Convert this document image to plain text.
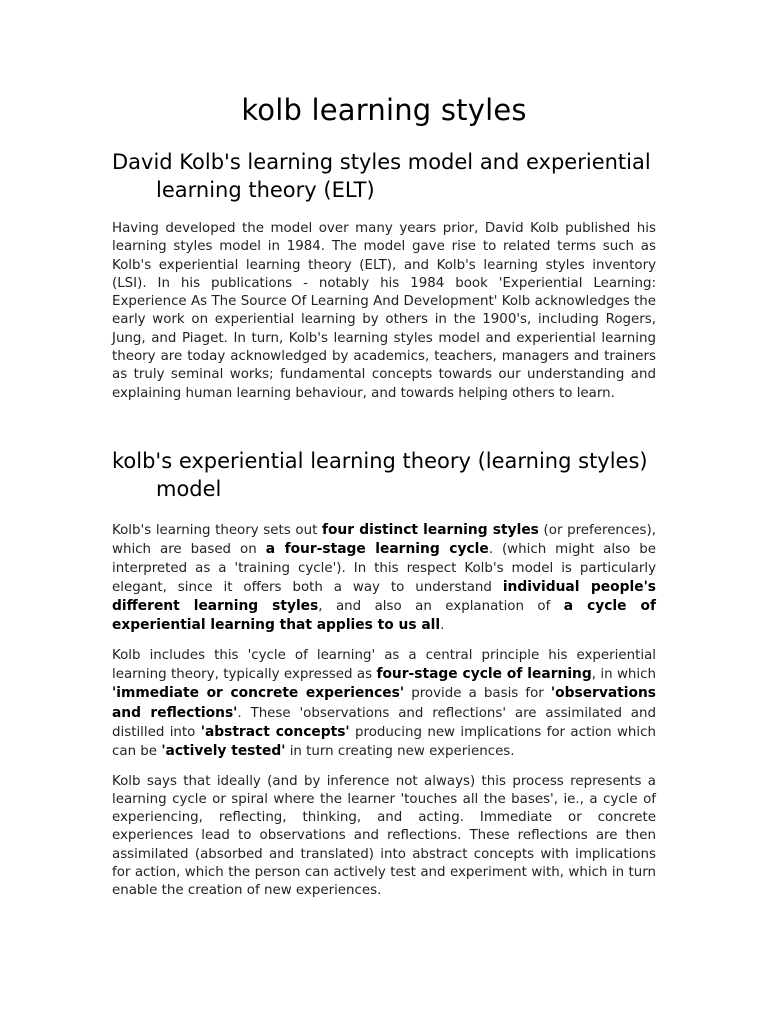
kolb learning styles
David Kolb's learning styles model and experiential learning theory (ELT)

Having developed the model over many years prior, David Kolb published his learning styles model in 1984. The model gave rise to related terms such as Kolb's experiential learning theory (ELT), and Kolb's learning styles inventory (LSI). In his publications - notably his 1984 book 'Experiential Learning: Experience As The Source Of Learning And Development' Kolb acknowledges the early work on experiential learning by others in the 1900's, including Rogers, Jung, and Piaget. In turn, Kolb's learning styles model and experiential learning theory are today acknowledged by academics, teachers, managers and trainers as truly seminal works; fundamental concepts towards our understanding and explaining human learning behaviour, and towards helping others to learn.

kolb's experiential learning theory (learning styles) model

Kolb's learning theory sets out four distinct learning styles (or preferences), which are based on a four-stage learning cycle. (which might also be interpreted as a 'training cycle'). In this respect Kolb's model is particularly elegant, since it offers both a way to understand individual people's different learning styles, and also an explanation of a cycle of experiential learning that applies to us all.

Kolb includes this 'cycle of learning' as a central principle his experiential learning theory, typically expressed as four-stage cycle of learning, in which 'immediate or concrete experiences' provide a basis for 'observations and reflections'. These 'observations and reflections' are assimilated and distilled into 'abstract concepts' producing new implications for action which can be 'actively tested' in turn creating new experiences.

Kolb says that ideally (and by inference not always) this process represents a learning cycle or spiral where the learner 'touches all the bases', ie., a cycle of experiencing, reflecting, thinking, and acting. Immediate or concrete experiences lead to observations and reflections. These reflections are then assimilated (absorbed and translated) into abstract concepts with implications for action, which the person can actively test and experiment with, which in turn enable the creation of new experiences.
